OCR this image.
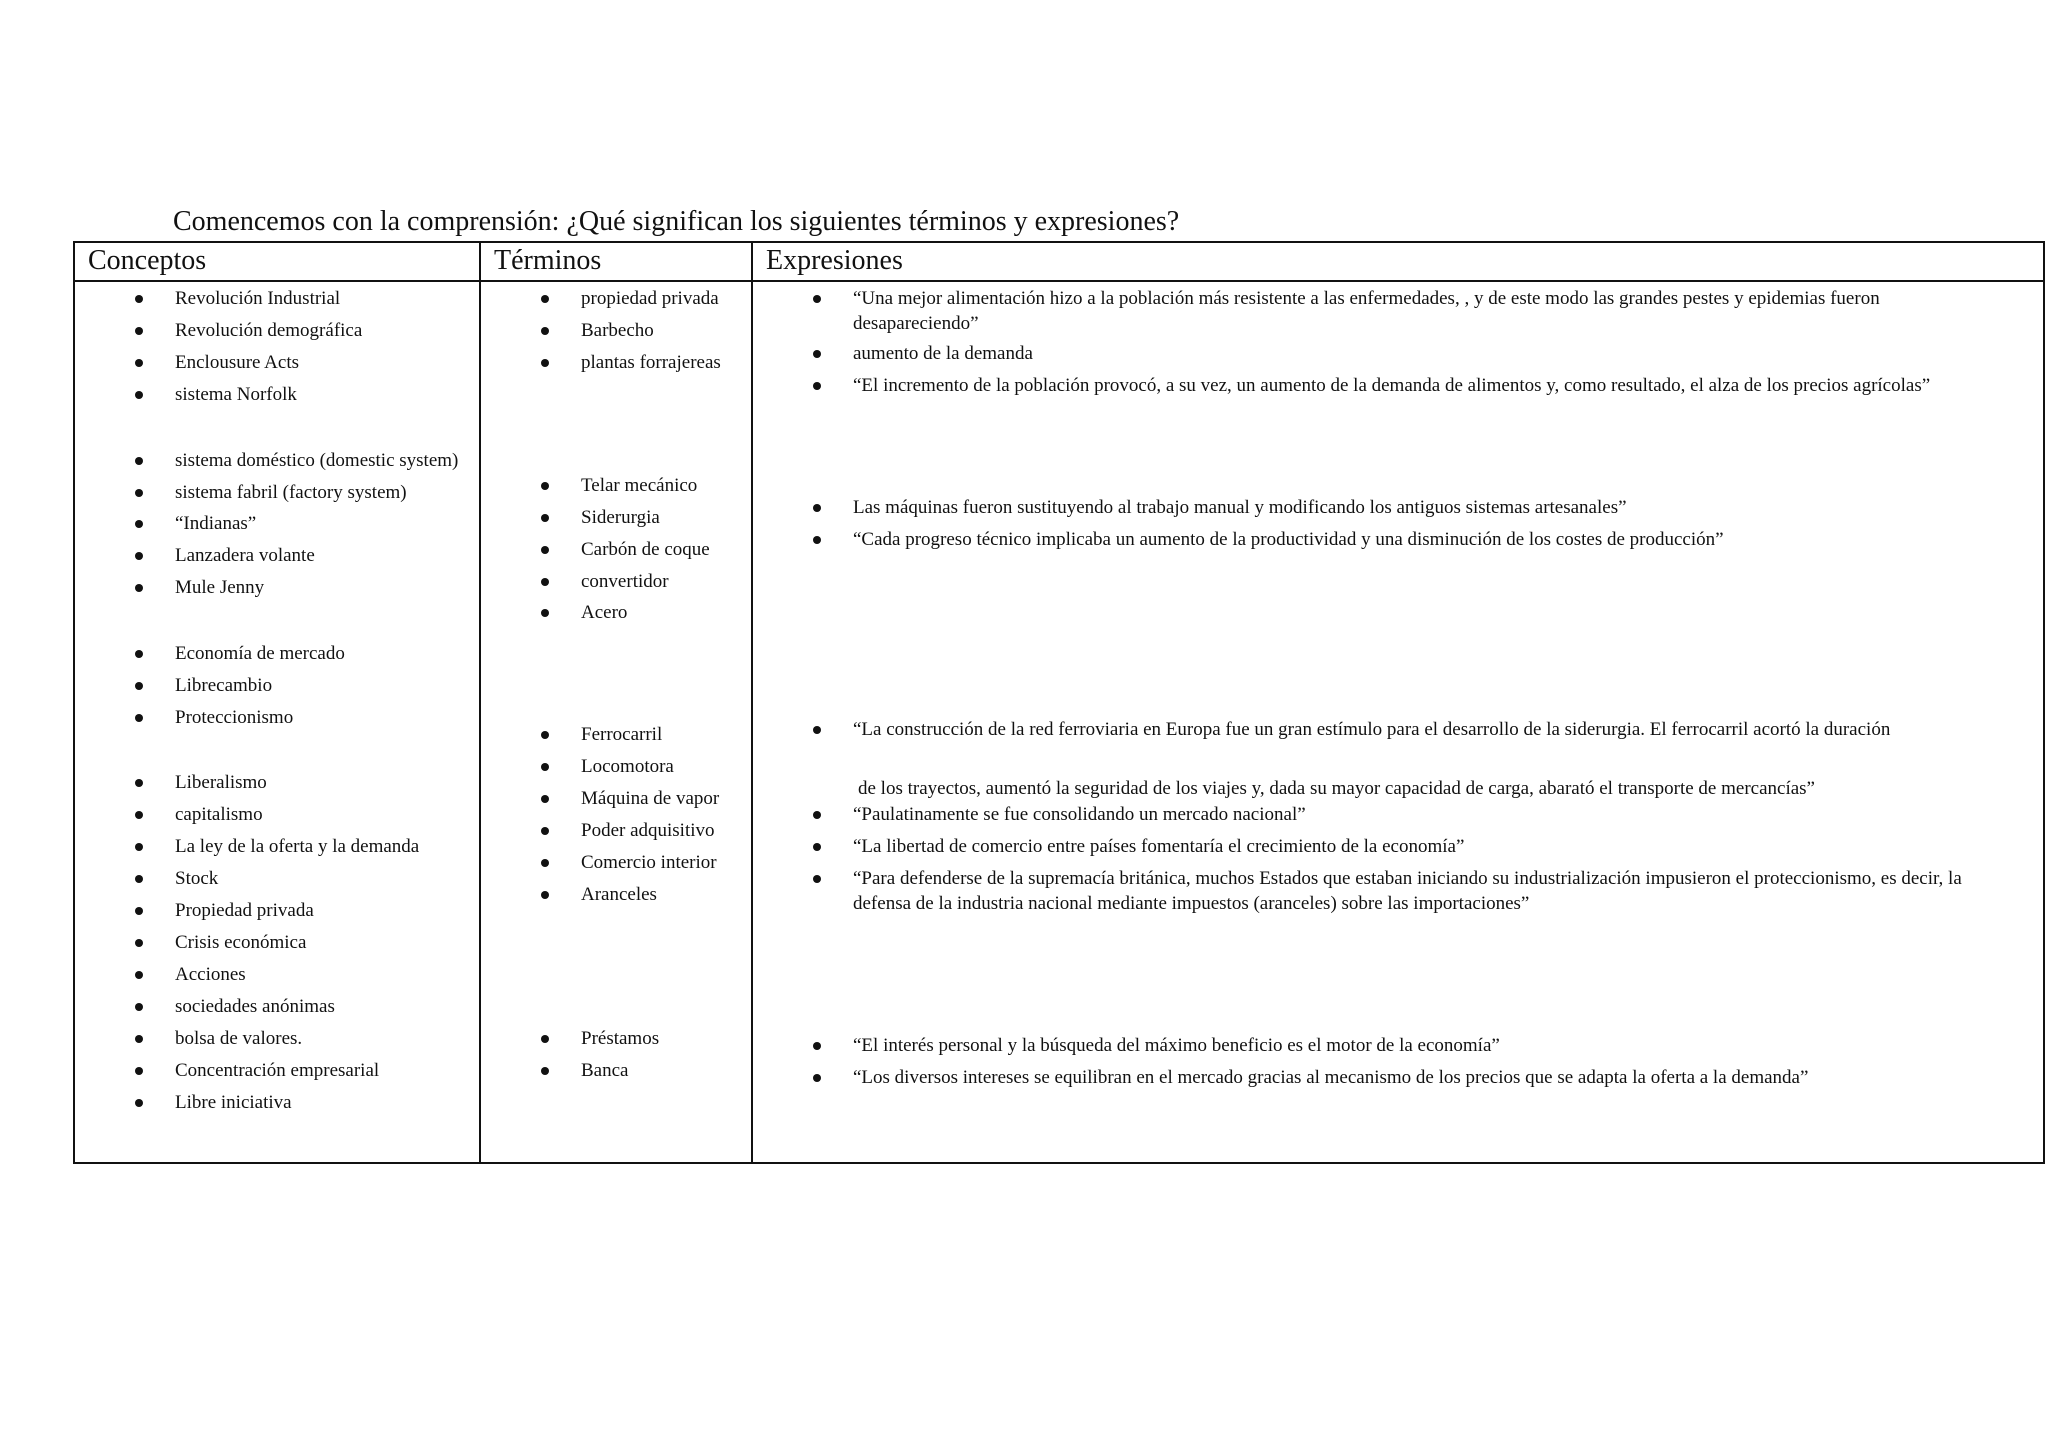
Comencemos con la comprensión: ¿Qué significan los siguientes términos y expresiones?
Conceptos	Términos	Expresiones
Revolución Industrial
Revolución demográfica
Enclousure Acts
sistema Norfolk
sistema doméstico (domestic system)
sistema fabril (factory system)
“Indianas”
Lanzadera volante
Mule Jenny
Economía de mercado
Librecambio
Proteccionismo
Liberalismo
capitalismo
La ley de la oferta y la demanda
Stock
Propiedad privada
Crisis económica
Acciones
sociedades anónimas
bolsa de valores.
Concentración empresarial
Libre iniciativa
propiedad privada
Barbecho
plantas forrajereas
Telar mecánico
Siderurgia
Carbón de coque
convertidor
Acero
Ferrocarril
Locomotora
Máquina de vapor
Poder adquisitivo
Comercio interior
Aranceles
Préstamos
Banca
“Una mejor alimentación hizo a la población más resistente a las enfermedades, , y de este modo las grandes pestes y epidemias fueron desapareciendo”
aumento de la demanda
“El incremento de la población provocó, a su vez, un aumento de la demanda de alimentos y, como resultado, el alza de los precios agrícolas”
Las máquinas fueron sustituyendo al trabajo manual y modificando los antiguos sistemas artesanales”
“Cada progreso técnico implicaba un aumento de la productividad y una disminución de los costes de producción”
“La construcción de la red ferroviaria en Europa fue un gran estímulo para el desarrollo de la siderurgia. El ferrocarril acortó la duración
de los trayectos, aumentó la seguridad de los viajes y, dada su mayor capacidad de carga, abarató el transporte de mercancías”
“Paulatinamente se fue consolidando un mercado nacional”
“La libertad de comercio entre países fomentaría el crecimiento de la economía”
“Para defenderse de la supremacía británica, muchos Estados que estaban iniciando su industrialización impusieron el proteccionismo, es decir, la defensa de la industria nacional mediante impuestos (aranceles) sobre las importaciones”
“El interés personal y la búsqueda del máximo beneficio es el motor de la economía”
“Los diversos intereses se equilibran en el mercado gracias al mecanismo de los precios que se adapta la oferta a la demanda”
